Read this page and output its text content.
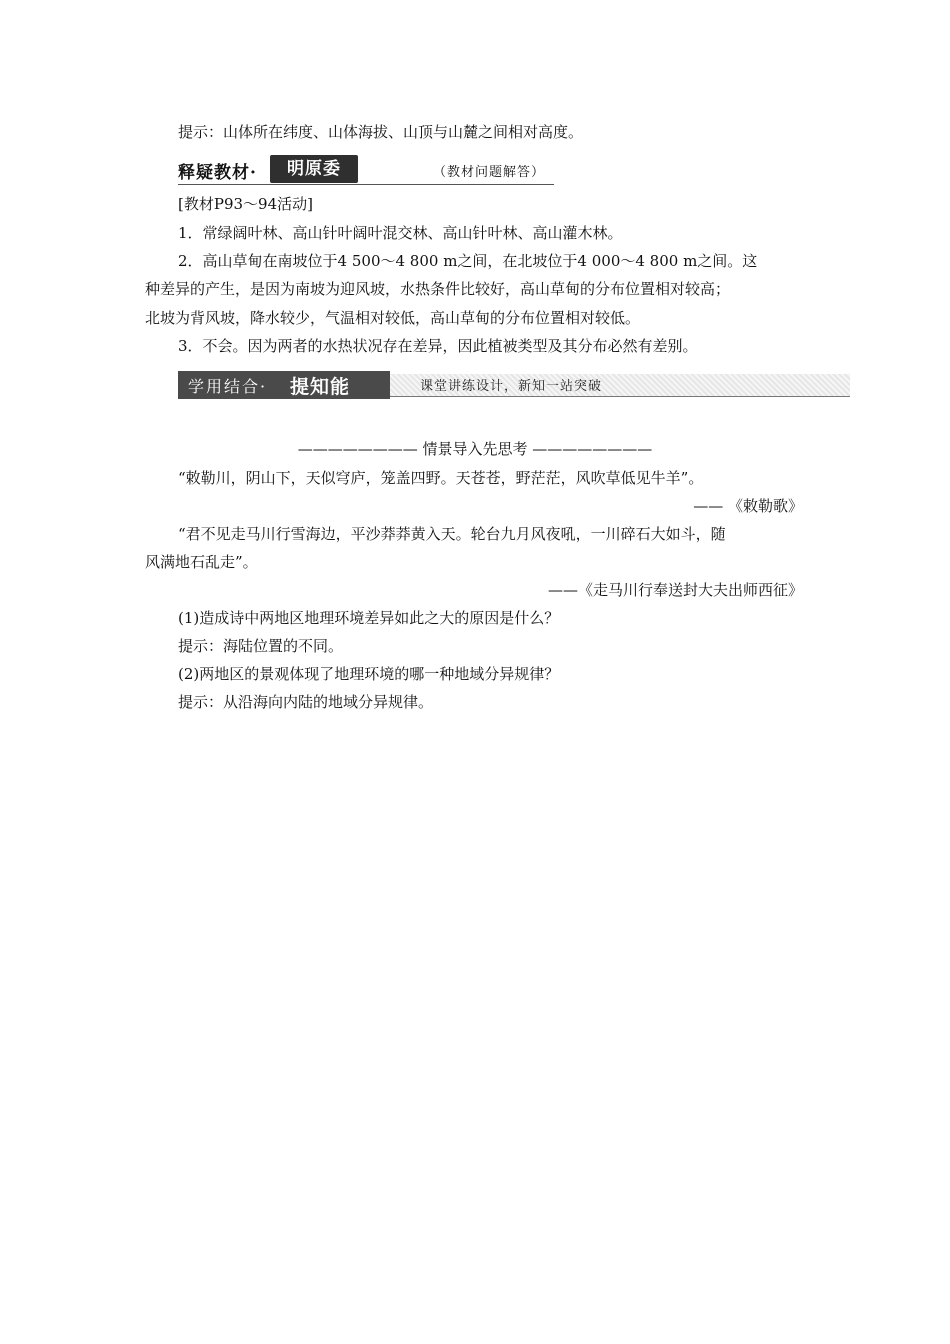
提示：山体所在纬度、山体海拔、山顶与山麓之间相对高度。
释疑教材·	明原委	（教材问题解答）
[教材P93～94活动]
1．常绿阔叶林、高山针叶阔叶混交林、高山针叶林、高山灌木林。
2．高山草甸在南坡位于4 500～4 800 m之间，在北坡位于4 000～4 800 m之间。这
种差异的产生，是因为南坡为迎风坡，水热条件比较好，高山草甸的分布位置相对较高；
北坡为背风坡，降水较少，气温相对较低，高山草甸的分布位置相对较低。
3．不会。因为两者的水热状况存在差异，因此植被类型及其分布必然有差别。
学用结合· 提知能	课堂讲练设计，新知一站突破
———————— 情景导入先思考 ————————
“敕勒川，阴山下，天似穹庐，笼盖四野。天苍苍，野茫茫，风吹草低见牛羊”。
—— 《敕勒歌》
“君不见走马川行雪海边，平沙莽莽黄入天。轮台九月风夜吼，一川碎石大如斗，随
风满地石乱走”。
——《走马川行奉送封大夫出师西征》
(1)造成诗中两地区地理环境差异如此之大的原因是什么？
提示：海陆位置的不同。
(2)两地区的景观体现了地理环境的哪一种地域分异规律？
提示：从沿海向内陆的地域分异规律。
